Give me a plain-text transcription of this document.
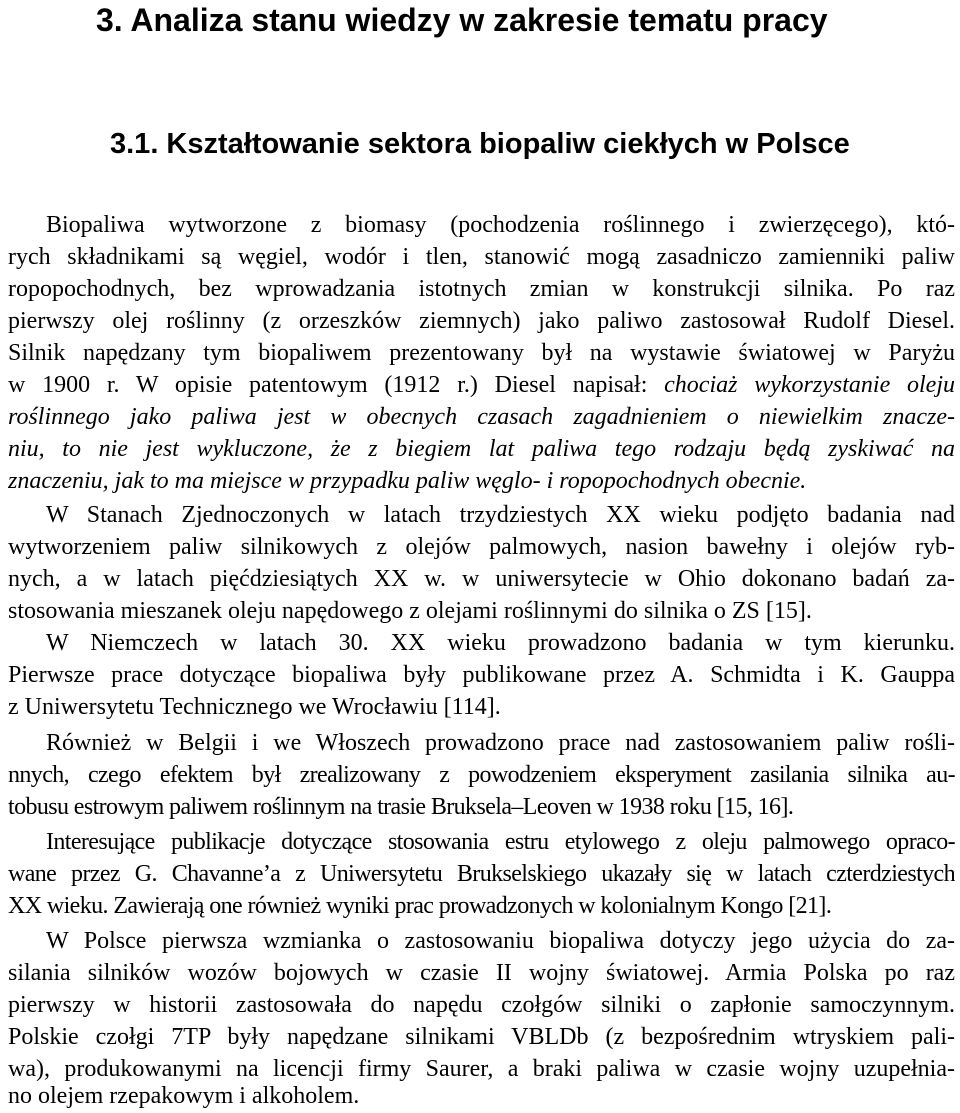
3. Analiza stanu wiedzy w zakresie tematu pracy
3.1. Kształtowanie sektora biopaliw ciekłych w Polsce
Biopaliwa wytworzone z biomasy (pochodzenia roślinnego i zwierzęcego), któ-
rych składnikami są węgiel, wodór i tlen, stanowić mogą zasadniczo zamienniki paliw
ropopochodnych, bez wprowadzania istotnych zmian w konstrukcji silnika. Po raz
pierwszy olej roślinny (z orzeszków ziemnych) jako paliwo zastosował Rudolf Diesel.
Silnik napędzany tym biopaliwem prezentowany był na wystawie światowej w Paryżu
w 1900 r. W opisie patentowym (1912 r.) Diesel napisał: chociaż wykorzystanie oleju
roślinnego jako paliwa jest w obecnych czasach zagadnieniem o niewielkim znacze-
niu, to nie jest wykluczone, że z biegiem lat paliwa tego rodzaju będą zyskiwać na
znaczeniu, jak to ma miejsce w przypadku paliw węglo- i ropopochodnych obecnie.
W Stanach Zjednoczonych w latach trzydziestych XX wieku podjęto badania nad
wytworzeniem paliw silnikowych z olejów palmowych, nasion bawełny i olejów ryb-
nych, a w latach pięćdziesiątych XX w. w uniwersytecie w Ohio dokonano badań za-
stosowania mieszanek oleju napędowego z olejami roślinnymi do silnika o ZS [15].
W Niemczech w latach 30. XX wieku prowadzono badania w tym kierunku.
Pierwsze prace dotyczące biopaliwa były publikowane przez A. Schmidta i K. Gauppa
z Uniwersytetu Technicznego we Wrocławiu [114].
Również w Belgii i we Włoszech prowadzono prace nad zastosowaniem paliw rośli-
nnych, czego efektem był zrealizowany z powodzeniem eksperyment zasilania silnika au-
tobusu estrowym paliwem roślinnym na trasie Bruksela–Leoven w 1938 roku [15, 16].
Interesujące publikacje dotyczące stosowania estru etylowego z oleju palmowego opraco-
wane przez G. Chavanne’a z Uniwersytetu Brukselskiego ukazały się w latach czterdziestych
XX wieku. Zawierają one również wyniki prac prowadzonych w kolonialnym Kongo [21].
W Polsce pierwsza wzmianka o zastosowaniu biopaliwa dotyczy jego użycia do za-
silania silników wozów bojowych w czasie II wojny światowej. Armia Polska po raz
pierwszy w historii zastosowała do napędu czołgów silniki o zapłonie samoczynnym.
Polskie czołgi 7TP były napędzane silnikami VBLDb (z bezpośrednim wtryskiem pali-
wa), produkowanymi na licencji firmy Saurer, a braki paliwa w czasie wojny uzupełnia-
no olejem rzepakowym i alkoholem.
